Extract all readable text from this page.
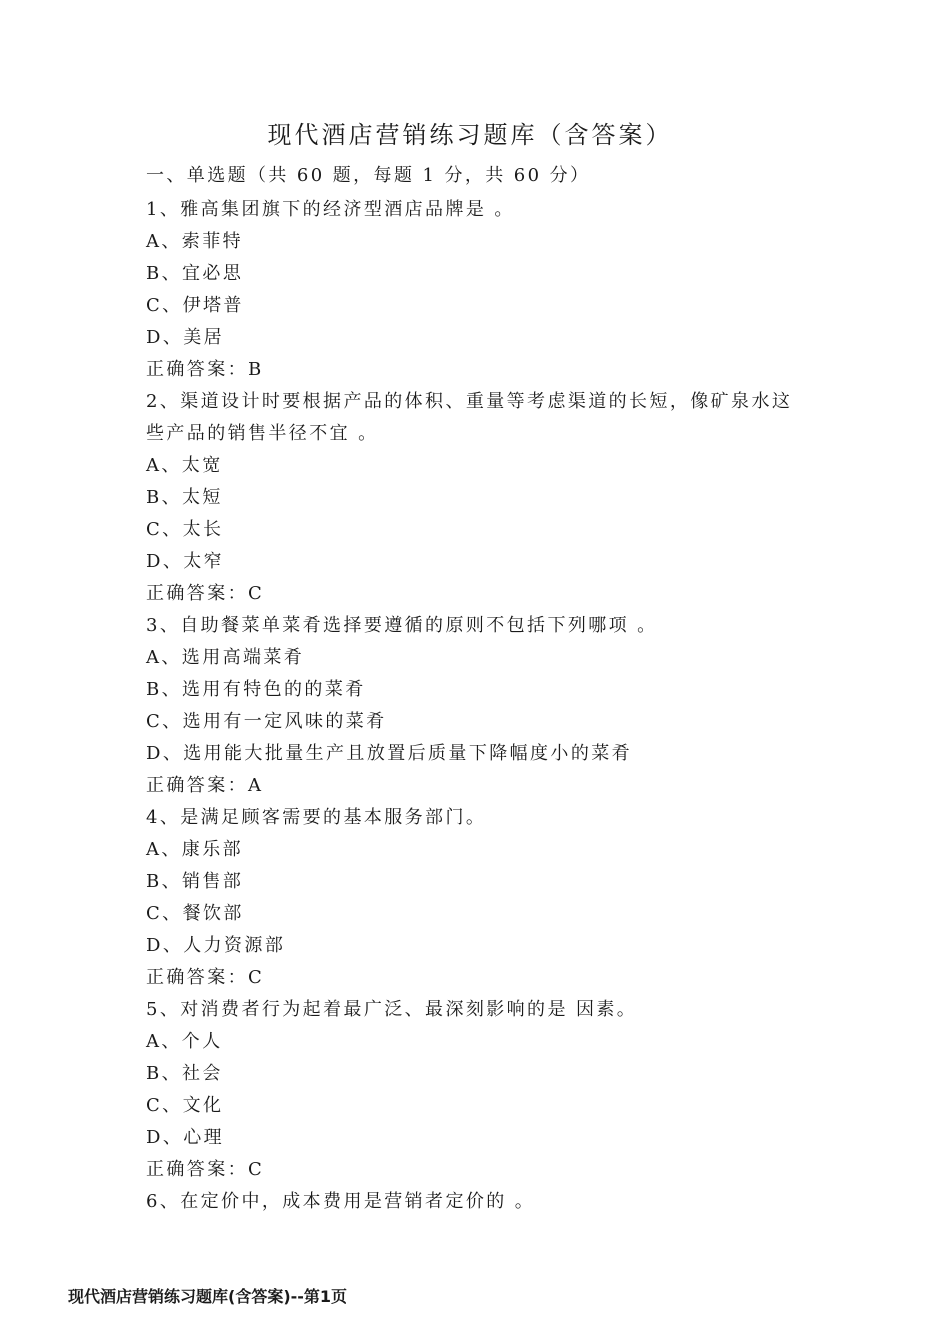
现代酒店营销练习题库（含答案）
一、单选题（共 60 题，每题 1 分，共 60 分）
1、雅高集团旗下的经济型酒店品牌是 。
A、索菲特
B、宜必思
C、伊塔普
D、美居
正确答案：B
2、渠道设计时要根据产品的体积、重量等考虑渠道的长短，像矿泉水这
些产品的销售半径不宜 。
A、太宽
B、太短
C、太长
D、太窄
正确答案：C
3、自助餐菜单菜肴选择要遵循的原则不包括下列哪项 。
A、选用高端菜肴
B、选用有特色的的菜肴
C、选用有一定风味的菜肴
D、选用能大批量生产且放置后质量下降幅度小的菜肴
正确答案：A
4、是满足顾客需要的基本服务部门。
A、康乐部
B、销售部
C、餐饮部
D、人力资源部
正确答案：C
5、对消费者行为起着最广泛、最深刻影响的是 因素。
A、个人
B、社会
C、文化
D、心理
正确答案：C
6、在定价中，成本费用是营销者定价的 。
现代酒店营销练习题库(含答案)--第1页
